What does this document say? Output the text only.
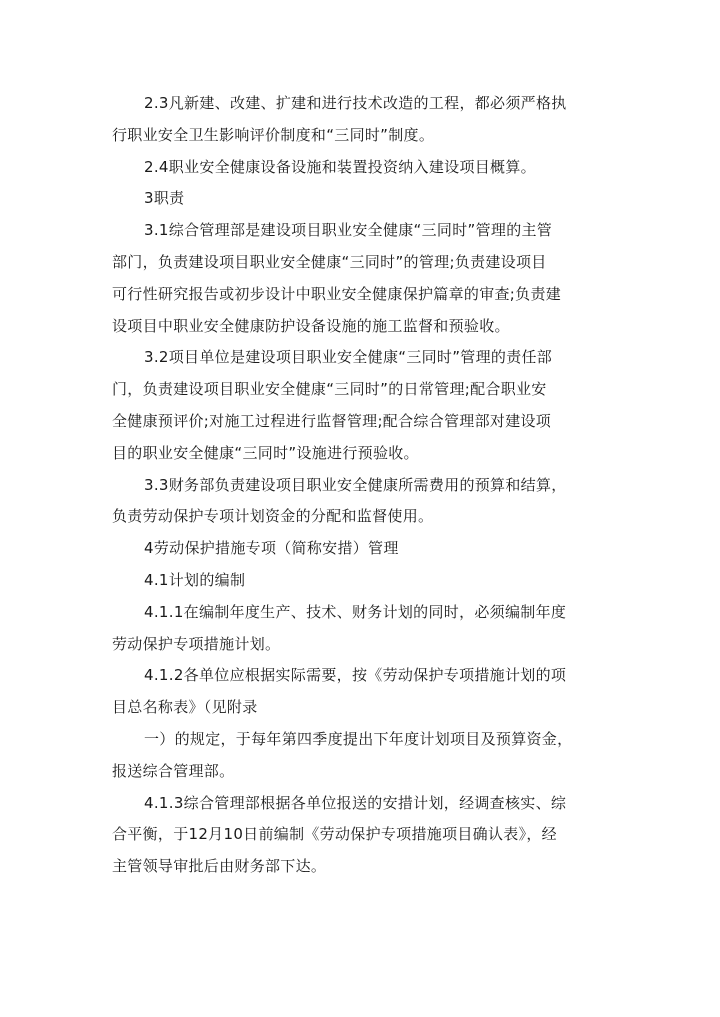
2.3凡新建、改建、扩建和进行技术改造的工程，都必须严格执
行职业安全卫生影响评价制度和“三同时”制度。

2.4职业安全健康设备设施和装置投资纳入建设项目概算。

3职责

3.1综合管理部是建设项目职业安全健康“三同时”管理的主管
部门，负责建设项目职业安全健康“三同时”的管理;负责建设项目
可行性研究报告或初步设计中职业安全健康保护篇章的审查;负责建
设项目中职业安全健康防护设备设施的施工监督和预验收。

3.2项目单位是建设项目职业安全健康“三同时”管理的责任部
门，负责建设项目职业安全健康“三同时”的日常管理;配合职业安
全健康预评价;对施工过程进行监督管理;配合综合管理部对建设项
目的职业安全健康“三同时”设施进行预验收。

3.3财务部负责建设项目职业安全健康所需费用的预算和结算，
负责劳动保护专项计划资金的分配和监督使用。

4劳动保护措施专项（简称安措）管理

4.1计划的编制

4.1.1在编制年度生产、技术、财务计划的同时，必须编制年度
劳动保护专项措施计划。

4.1.2各单位应根据实际需要，按《劳动保护专项措施计划的项
目总名称表》（见附录

一）的规定，于每年第四季度提出下年度计划项目及预算资金，
报送综合管理部。

4.1.3综合管理部根据各单位报送的安措计划，经调查核实、综
合平衡，于12月10日前编制《劳动保护专项措施项目确认表》，经
主管领导审批后由财务部下达。
